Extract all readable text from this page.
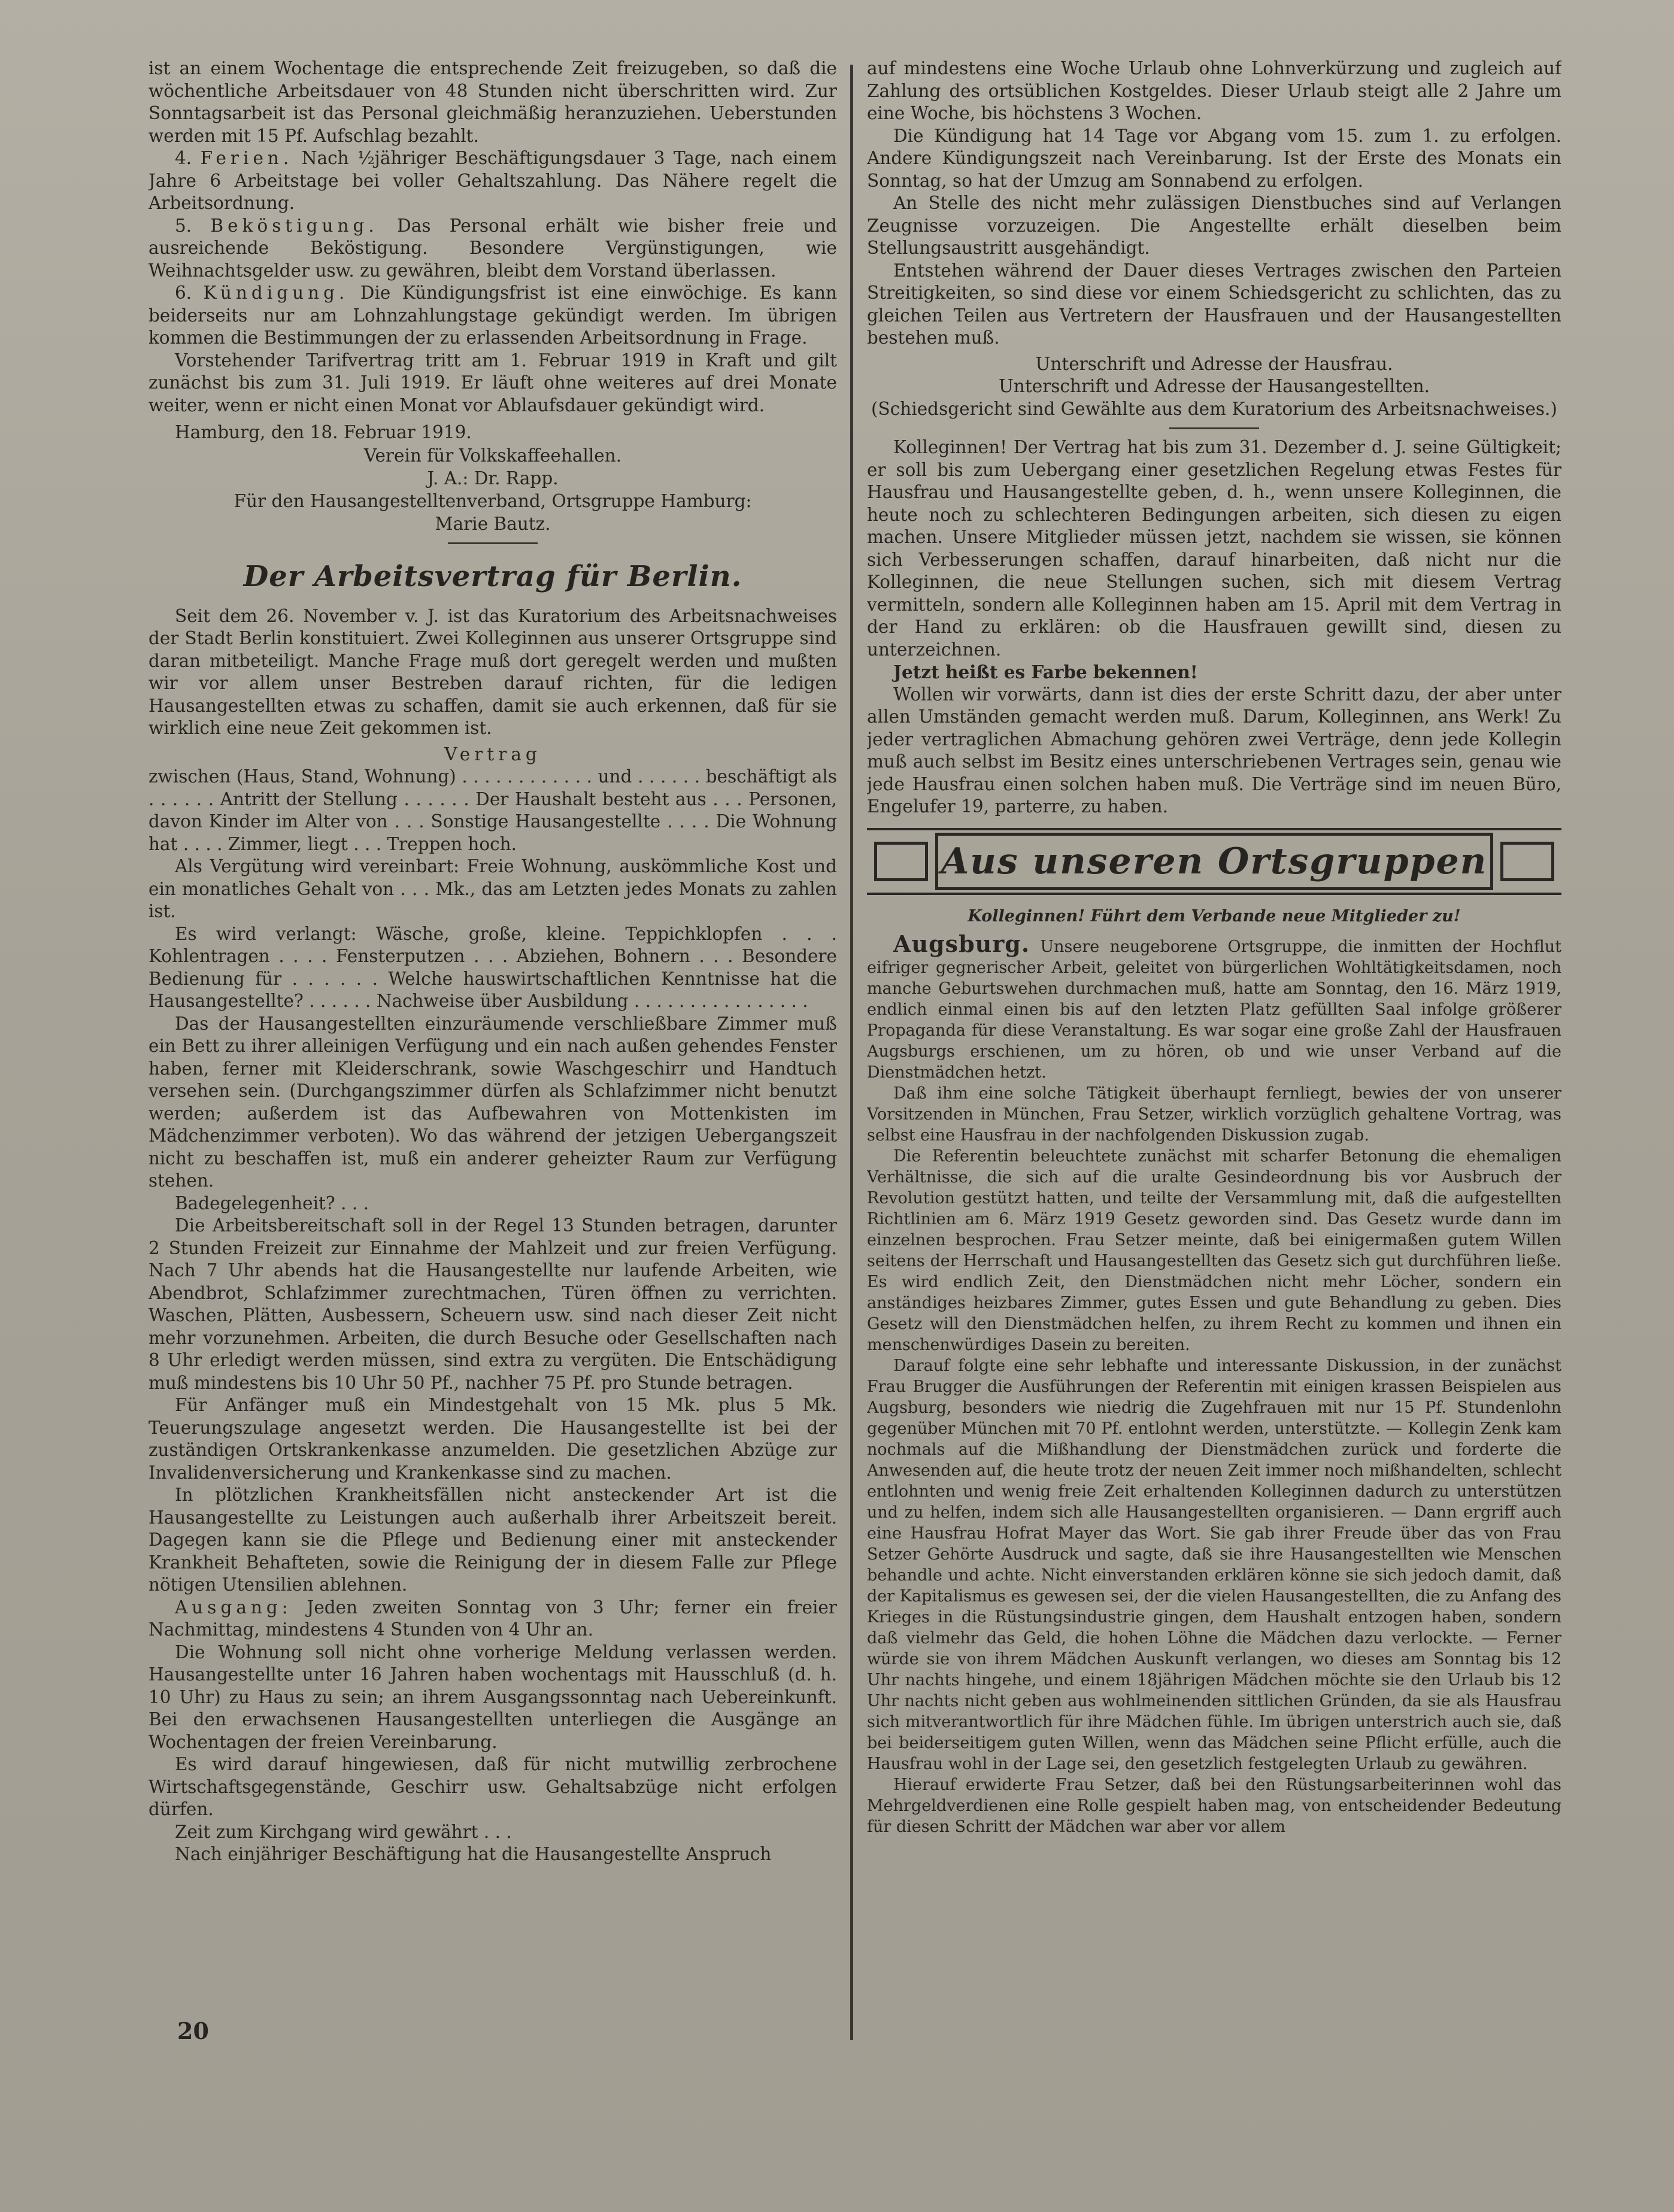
ist an einem Wochentage die entsprechende Zeit freizugeben, so daß die wöchentliche Arbeitsdauer von 48 Stunden nicht überschritten wird. Zur Sonntagsarbeit ist das Personal gleichmäßig heranzuziehen. Ueberstunden werden mit 15 Pf. Aufschlag bezahlt.

4. Ferien. Nach ½jähriger Beschäftigungsdauer 3 Tage, nach einem Jahre 6 Arbeitstage bei voller Gehaltszahlung. Das Nähere regelt die Arbeitsordnung.

5. Beköstigung. Das Personal erhält wie bisher freie und ausreichende Beköstigung. Besondere Vergünstigungen, wie Weihnachtsgelder usw. zu gewähren, bleibt dem Vorstand überlassen.

6. Kündigung. Die Kündigungsfrist ist eine einwöchige. Es kann beiderseits nur am Lohnzahlungstage gekündigt werden. Im übrigen kommen die Bestimmungen der zu erlassenden Arbeitsordnung in Frage.

Vorstehender Tarifvertrag tritt am 1. Februar 1919 in Kraft und gilt zunächst bis zum 31. Juli 1919. Er läuft ohne weiteres auf drei Monate weiter, wenn er nicht einen Monat vor Ablaufsdauer gekündigt wird.

Hamburg, den 18. Februar 1919.

Verein für Volkskaffeehallen.
J. A.: Dr. Rapp.
Für den Hausangestelltenverband, Ortsgruppe Hamburg:
Marie Bautz.
Der Arbeitsvertrag für Berlin.

Seit dem 26. November v. J. ist das Kuratorium des Arbeitsnachweises der Stadt Berlin konstituiert. Zwei Kolleginnen aus unserer Ortsgruppe sind daran mitbeteiligt. Manche Frage muß dort geregelt werden und mußten wir vor allem unser Bestreben darauf richten, für die ledigen Hausangestellten etwas zu schaffen, damit sie auch erkennen, daß für sie wirklich eine neue Zeit gekommen ist.

Vertrag

zwischen (Haus, Stand, Wohnung) . . . . . . . . . . . . und . . . . . . beschäftigt als . . . . . . Antritt der Stellung . . . . . . Der Haushalt besteht aus . . . Personen, davon Kinder im Alter von . . . Sonstige Hausangestellte . . . . Die Wohnung hat . . . . Zimmer, liegt . . . Treppen hoch.

Als Vergütung wird vereinbart: Freie Wohnung, auskömmliche Kost und ein monatliches Gehalt von . . . Mk., das am Letzten jedes Monats zu zahlen ist.

Es wird verlangt: Wäsche, große, kleine. Teppichklopfen . . . Kohlentragen . . . . Fensterputzen . . . Abziehen, Bohnern . . . Besondere Bedienung für . . . . . . Welche hauswirtschaftlichen Kenntnisse hat die Hausangestellte? . . . . . . Nachweise über Ausbildung . . . . . . . . . . . . . . . .

Das der Hausangestellten einzuräumende verschließbare Zimmer muß ein Bett zu ihrer alleinigen Verfügung und ein nach außen gehendes Fenster haben, ferner mit Kleiderschrank, sowie Waschgeschirr und Handtuch versehen sein. (Durchgangszimmer dürfen als Schlafzimmer nicht benutzt werden; außerdem ist das Aufbewahren von Mottenkisten im Mädchenzimmer verboten). Wo das während der jetzigen Uebergangszeit nicht zu beschaffen ist, muß ein anderer geheizter Raum zur Verfügung stehen.

Badegelegenheit? . . .

Die Arbeitsbereitschaft soll in der Regel 13 Stunden betragen, darunter 2 Stunden Freizeit zur Einnahme der Mahlzeit und zur freien Verfügung. Nach 7 Uhr abends hat die Hausangestellte nur laufende Arbeiten, wie Abendbrot, Schlafzimmer zurechtmachen, Türen öffnen zu verrichten. Waschen, Plätten, Ausbessern, Scheuern usw. sind nach dieser Zeit nicht mehr vorzunehmen. Arbeiten, die durch Besuche oder Gesellschaften nach 8 Uhr erledigt werden müssen, sind extra zu vergüten. Die Entschädigung muß mindestens bis 10 Uhr 50 Pf., nachher 75 Pf. pro Stunde betragen.

Für Anfänger muß ein Mindestgehalt von 15 Mk. plus 5 Mk. Teuerungszulage angesetzt werden. Die Hausangestellte ist bei der zuständigen Ortskrankenkasse anzumelden. Die gesetzlichen Abzüge zur Invalidenversicherung und Krankenkasse sind zu machen.

In plötzlichen Krankheitsfällen nicht ansteckender Art ist die Hausangestellte zu Leistungen auch außerhalb ihrer Arbeitszeit bereit. Dagegen kann sie die Pflege und Bedienung einer mit ansteckender Krankheit Behafteten, sowie die Reinigung der in diesem Falle zur Pflege nötigen Utensilien ablehnen.

Ausgang: Jeden zweiten Sonntag von 3 Uhr; ferner ein freier Nachmittag, mindestens 4 Stunden von 4 Uhr an.

Die Wohnung soll nicht ohne vorherige Meldung verlassen werden. Hausangestellte unter 16 Jahren haben wochentags mit Hausschluß (d. h. 10 Uhr) zu Haus zu sein; an ihrem Ausgangssonntag nach Uebereinkunft. Bei den erwachsenen Hausangestellten unterliegen die Ausgänge an Wochentagen der freien Vereinbarung.

Es wird darauf hingewiesen, daß für nicht mutwillig zerbrochene Wirtschaftsgegenstände, Geschirr usw. Gehaltsabzüge nicht erfolgen dürfen.

Zeit zum Kirchgang wird gewährt . . .

Nach einjähriger Beschäftigung hat die Hausangestellte Anspruch

auf mindestens eine Woche Urlaub ohne Lohnverkürzung und zugleich auf Zahlung des ortsüblichen Kostgeldes. Dieser Urlaub steigt alle 2 Jahre um eine Woche, bis höchstens 3 Wochen.

Die Kündigung hat 14 Tage vor Abgang vom 15. zum 1. zu erfolgen. Andere Kündigungszeit nach Vereinbarung. Ist der Erste des Monats ein Sonntag, so hat der Umzug am Sonnabend zu erfolgen.

An Stelle des nicht mehr zulässigen Dienstbuches sind auf Verlangen Zeugnisse vorzuzeigen. Die Angestellte erhält dieselben beim Stellungsaustritt ausgehändigt.

Entstehen während der Dauer dieses Vertrages zwischen den Parteien Streitigkeiten, so sind diese vor einem Schiedsgericht zu schlichten, das zu gleichen Teilen aus Vertretern der Hausfrauen und der Hausangestellten bestehen muß.

Unterschrift und Adresse der Hausfrau.

Unterschrift und Adresse der Hausangestellten.

(Schiedsgericht sind Gewählte aus dem Kuratorium des Arbeitsnachweises.)

Kolleginnen! Der Vertrag hat bis zum 31. Dezember d. J. seine Gültigkeit; er soll bis zum Uebergang einer gesetzlichen Regelung etwas Festes für Hausfrau und Hausangestellte geben, d. h., wenn unsere Kolleginnen, die heute noch zu schlechteren Bedingungen arbeiten, sich diesen zu eigen machen. Unsere Mitglieder müssen jetzt, nachdem sie wissen, sie können sich Verbesserungen schaffen, darauf hinarbeiten, daß nicht nur die Kolleginnen, die neue Stellungen suchen, sich mit diesem Vertrag vermitteln, sondern alle Kolleginnen haben am 15. April mit dem Vertrag in der Hand zu erklären: ob die Hausfrauen gewillt sind, diesen zu unterzeichnen.

Jetzt heißt es Farbe bekennen!

Wollen wir vorwärts, dann ist dies der erste Schritt dazu, der aber unter allen Umständen gemacht werden muß. Darum, Kolleginnen, ans Werk! Zu jeder vertraglichen Abmachung gehören zwei Verträge, denn jede Kollegin muß auch selbst im Besitz eines unterschriebenen Vertrages sein, genau wie jede Hausfrau einen solchen haben muß. Die Verträge sind im neuen Büro, Engelufer 19, parterre, zu haben.

Aus unseren Ortsgruppen
Kolleginnen! Führt dem Verbande neue Mitglieder zu!

Augsburg. Unsere neugeborene Ortsgruppe, die inmitten der Hochflut eifriger gegnerischer Arbeit, geleitet von bürgerlichen Wohltätigkeitsdamen, noch manche Geburtswehen durchmachen muß, hatte am Sonntag, den 16. März 1919, endlich einmal einen bis auf den letzten Platz gefüllten Saal infolge größerer Propaganda für diese Veranstaltung. Es war sogar eine große Zahl der Hausfrauen Augsburgs erschienen, um zu hören, ob und wie unser Verband auf die Dienstmädchen hetzt.

Daß ihm eine solche Tätigkeit überhaupt fernliegt, bewies der von unserer Vorsitzenden in München, Frau Setzer, wirklich vorzüglich gehaltene Vortrag, was selbst eine Hausfrau in der nachfolgenden Diskussion zugab.

Die Referentin beleuchtete zunächst mit scharfer Betonung die ehemaligen Verhältnisse, die sich auf die uralte Gesindeordnung bis vor Ausbruch der Revolution gestützt hatten, und teilte der Versammlung mit, daß die aufgestellten Richtlinien am 6. März 1919 Gesetz geworden sind. Das Gesetz wurde dann im einzelnen besprochen. Frau Setzer meinte, daß bei einigermaßen gutem Willen seitens der Herrschaft und Hausangestellten das Gesetz sich gut durchführen ließe. Es wird endlich Zeit, den Dienstmädchen nicht mehr Löcher, sondern ein anständiges heizbares Zimmer, gutes Essen und gute Behandlung zu geben. Dies Gesetz will den Dienstmädchen helfen, zu ihrem Recht zu kommen und ihnen ein menschenwürdiges Dasein zu bereiten.

Darauf folgte eine sehr lebhafte und interessante Diskussion, in der zunächst Frau Brugger die Ausführungen der Referentin mit einigen krassen Beispielen aus Augsburg, besonders wie niedrig die Zugehfrauen mit nur 15 Pf. Stundenlohn gegenüber München mit 70 Pf. entlohnt werden, unterstützte. — Kollegin Zenk kam nochmals auf die Mißhandlung der Dienstmädchen zurück und forderte die Anwesenden auf, die heute trotz der neuen Zeit immer noch mißhandelten, schlecht entlohnten und wenig freie Zeit erhaltenden Kolleginnen dadurch zu unterstützen und zu helfen, indem sich alle Hausangestellten organisieren. — Dann ergriff auch eine Hausfrau Hofrat Mayer das Wort. Sie gab ihrer Freude über das von Frau Setzer Gehörte Ausdruck und sagte, daß sie ihre Hausangestellten wie Menschen behandle und achte. Nicht einverstanden erklären könne sie sich jedoch damit, daß der Kapitalismus es gewesen sei, der die vielen Hausangestellten, die zu Anfang des Krieges in die Rüstungsindustrie gingen, dem Haushalt entzogen haben, sondern daß vielmehr das Geld, die hohen Löhne die Mädchen dazu verlockte. — Ferner würde sie von ihrem Mädchen Auskunft verlangen, wo dieses am Sonntag bis 12 Uhr nachts hingehe, und einem 18jährigen Mädchen möchte sie den Urlaub bis 12 Uhr nachts nicht geben aus wohlmeinenden sittlichen Gründen, da sie als Hausfrau sich mitverantwortlich für ihre Mädchen fühle. Im übrigen unterstrich auch sie, daß bei beiderseitigem guten Willen, wenn das Mädchen seine Pflicht erfülle, auch die Hausfrau wohl in der Lage sei, den gesetzlich festgelegten Urlaub zu gewähren.

Hierauf erwiderte Frau Setzer, daß bei den Rüstungsarbeiterinnen wohl das Mehrgeldverdienen eine Rolle gespielt haben mag, von entscheidender Bedeutung für diesen Schritt der Mädchen war aber vor allem

20
